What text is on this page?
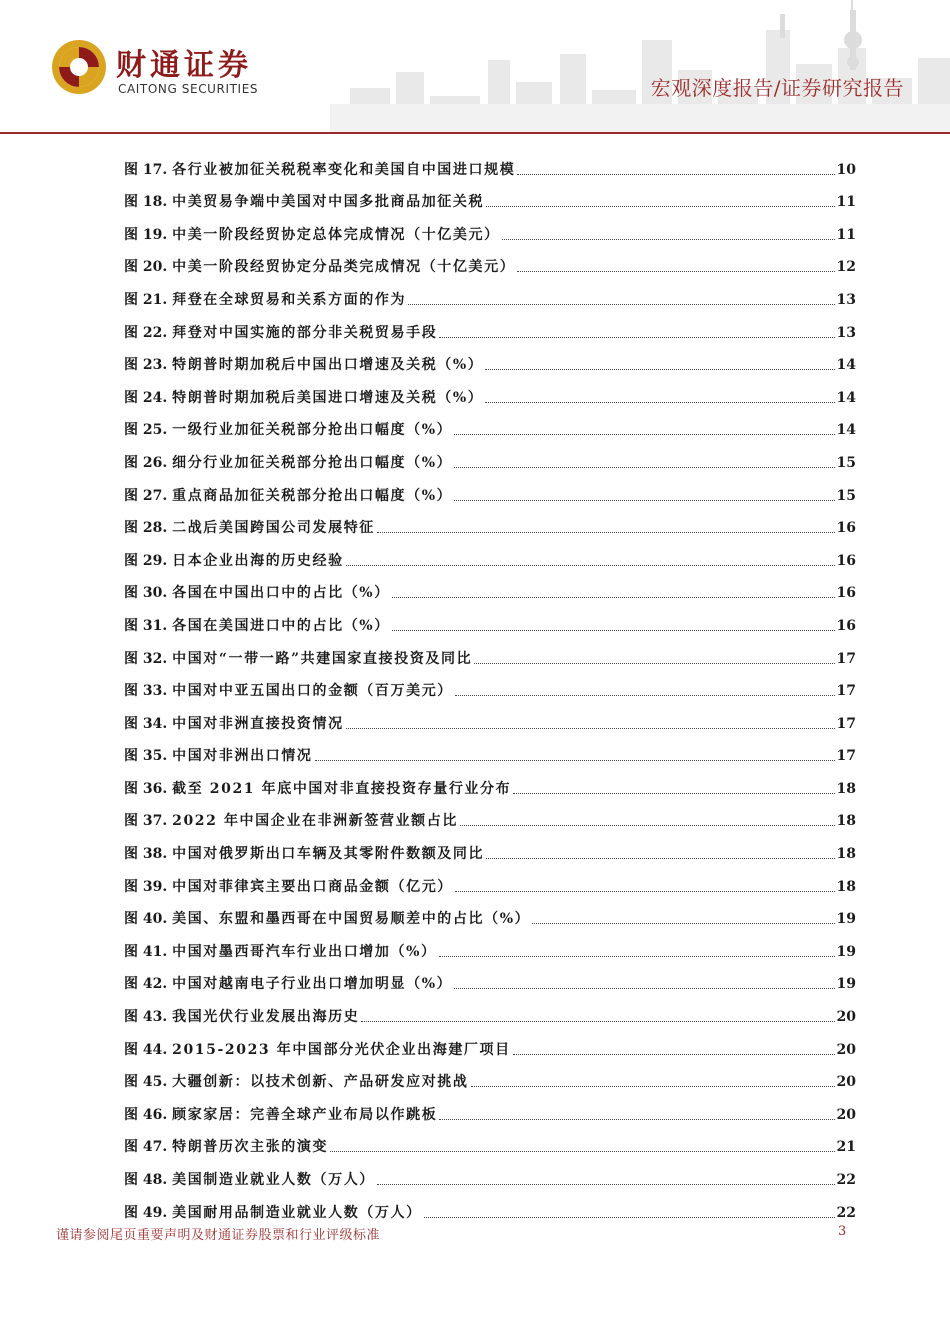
财通证券
CAITONG SECURITIES	宏观深度报告/证券研究报告
图 17. 各行业被加征关税税率变化和美国自中国进口规模	10
图 18. 中美贸易争端中美国对中国多批商品加征关税	11
图 19. 中美一阶段经贸协定总体完成情况（十亿美元）	11
图 20. 中美一阶段经贸协定分品类完成情况（十亿美元）	12
图 21. 拜登在全球贸易和关系方面的作为	13
图 22. 拜登对中国实施的部分非关税贸易手段	13
图 23. 特朗普时期加税后中国出口增速及关税（%）	14
图 24. 特朗普时期加税后美国进口增速及关税（%）	14
图 25. 一级行业加征关税部分抢出口幅度（%）	14
图 26. 细分行业加征关税部分抢出口幅度（%）	15
图 27. 重点商品加征关税部分抢出口幅度（%）	15
图 28. 二战后美国跨国公司发展特征	16
图 29. 日本企业出海的历史经验	16
图 30. 各国在中国出口中的占比（%）	16
图 31. 各国在美国进口中的占比（%）	16
图 32. 中国对“一带一路”共建国家直接投资及同比	17
图 33. 中国对中亚五国出口的金额（百万美元）	17
图 34. 中国对非洲直接投资情况	17
图 35. 中国对非洲出口情况	17
图 36. 截至 2021 年底中国对非直接投资存量行业分布	18
图 37. 2022 年中国企业在非洲新签营业额占比	18
图 38. 中国对俄罗斯出口车辆及其零附件数额及同比	18
图 39. 中国对菲律宾主要出口商品金额（亿元）	18
图 40. 美国、东盟和墨西哥在中国贸易顺差中的占比（%）	19
图 41. 中国对墨西哥汽车行业出口增加（%）	19
图 42. 中国对越南电子行业出口增加明显（%）	19
图 43. 我国光伏行业发展出海历史	20
图 44. 2015-2023 年中国部分光伏企业出海建厂项目	20
图 45. 大疆创新：以技术创新、产品研发应对挑战	20
图 46. 顾家家居：完善全球产业布局以作跳板	20
图 47. 特朗普历次主张的演变	21
图 48. 美国制造业就业人数（万人）	22
图 49. 美国耐用品制造业就业人数（万人）	22
谨请参阅尾页重要声明及财通证券股票和行业评级标准	3
